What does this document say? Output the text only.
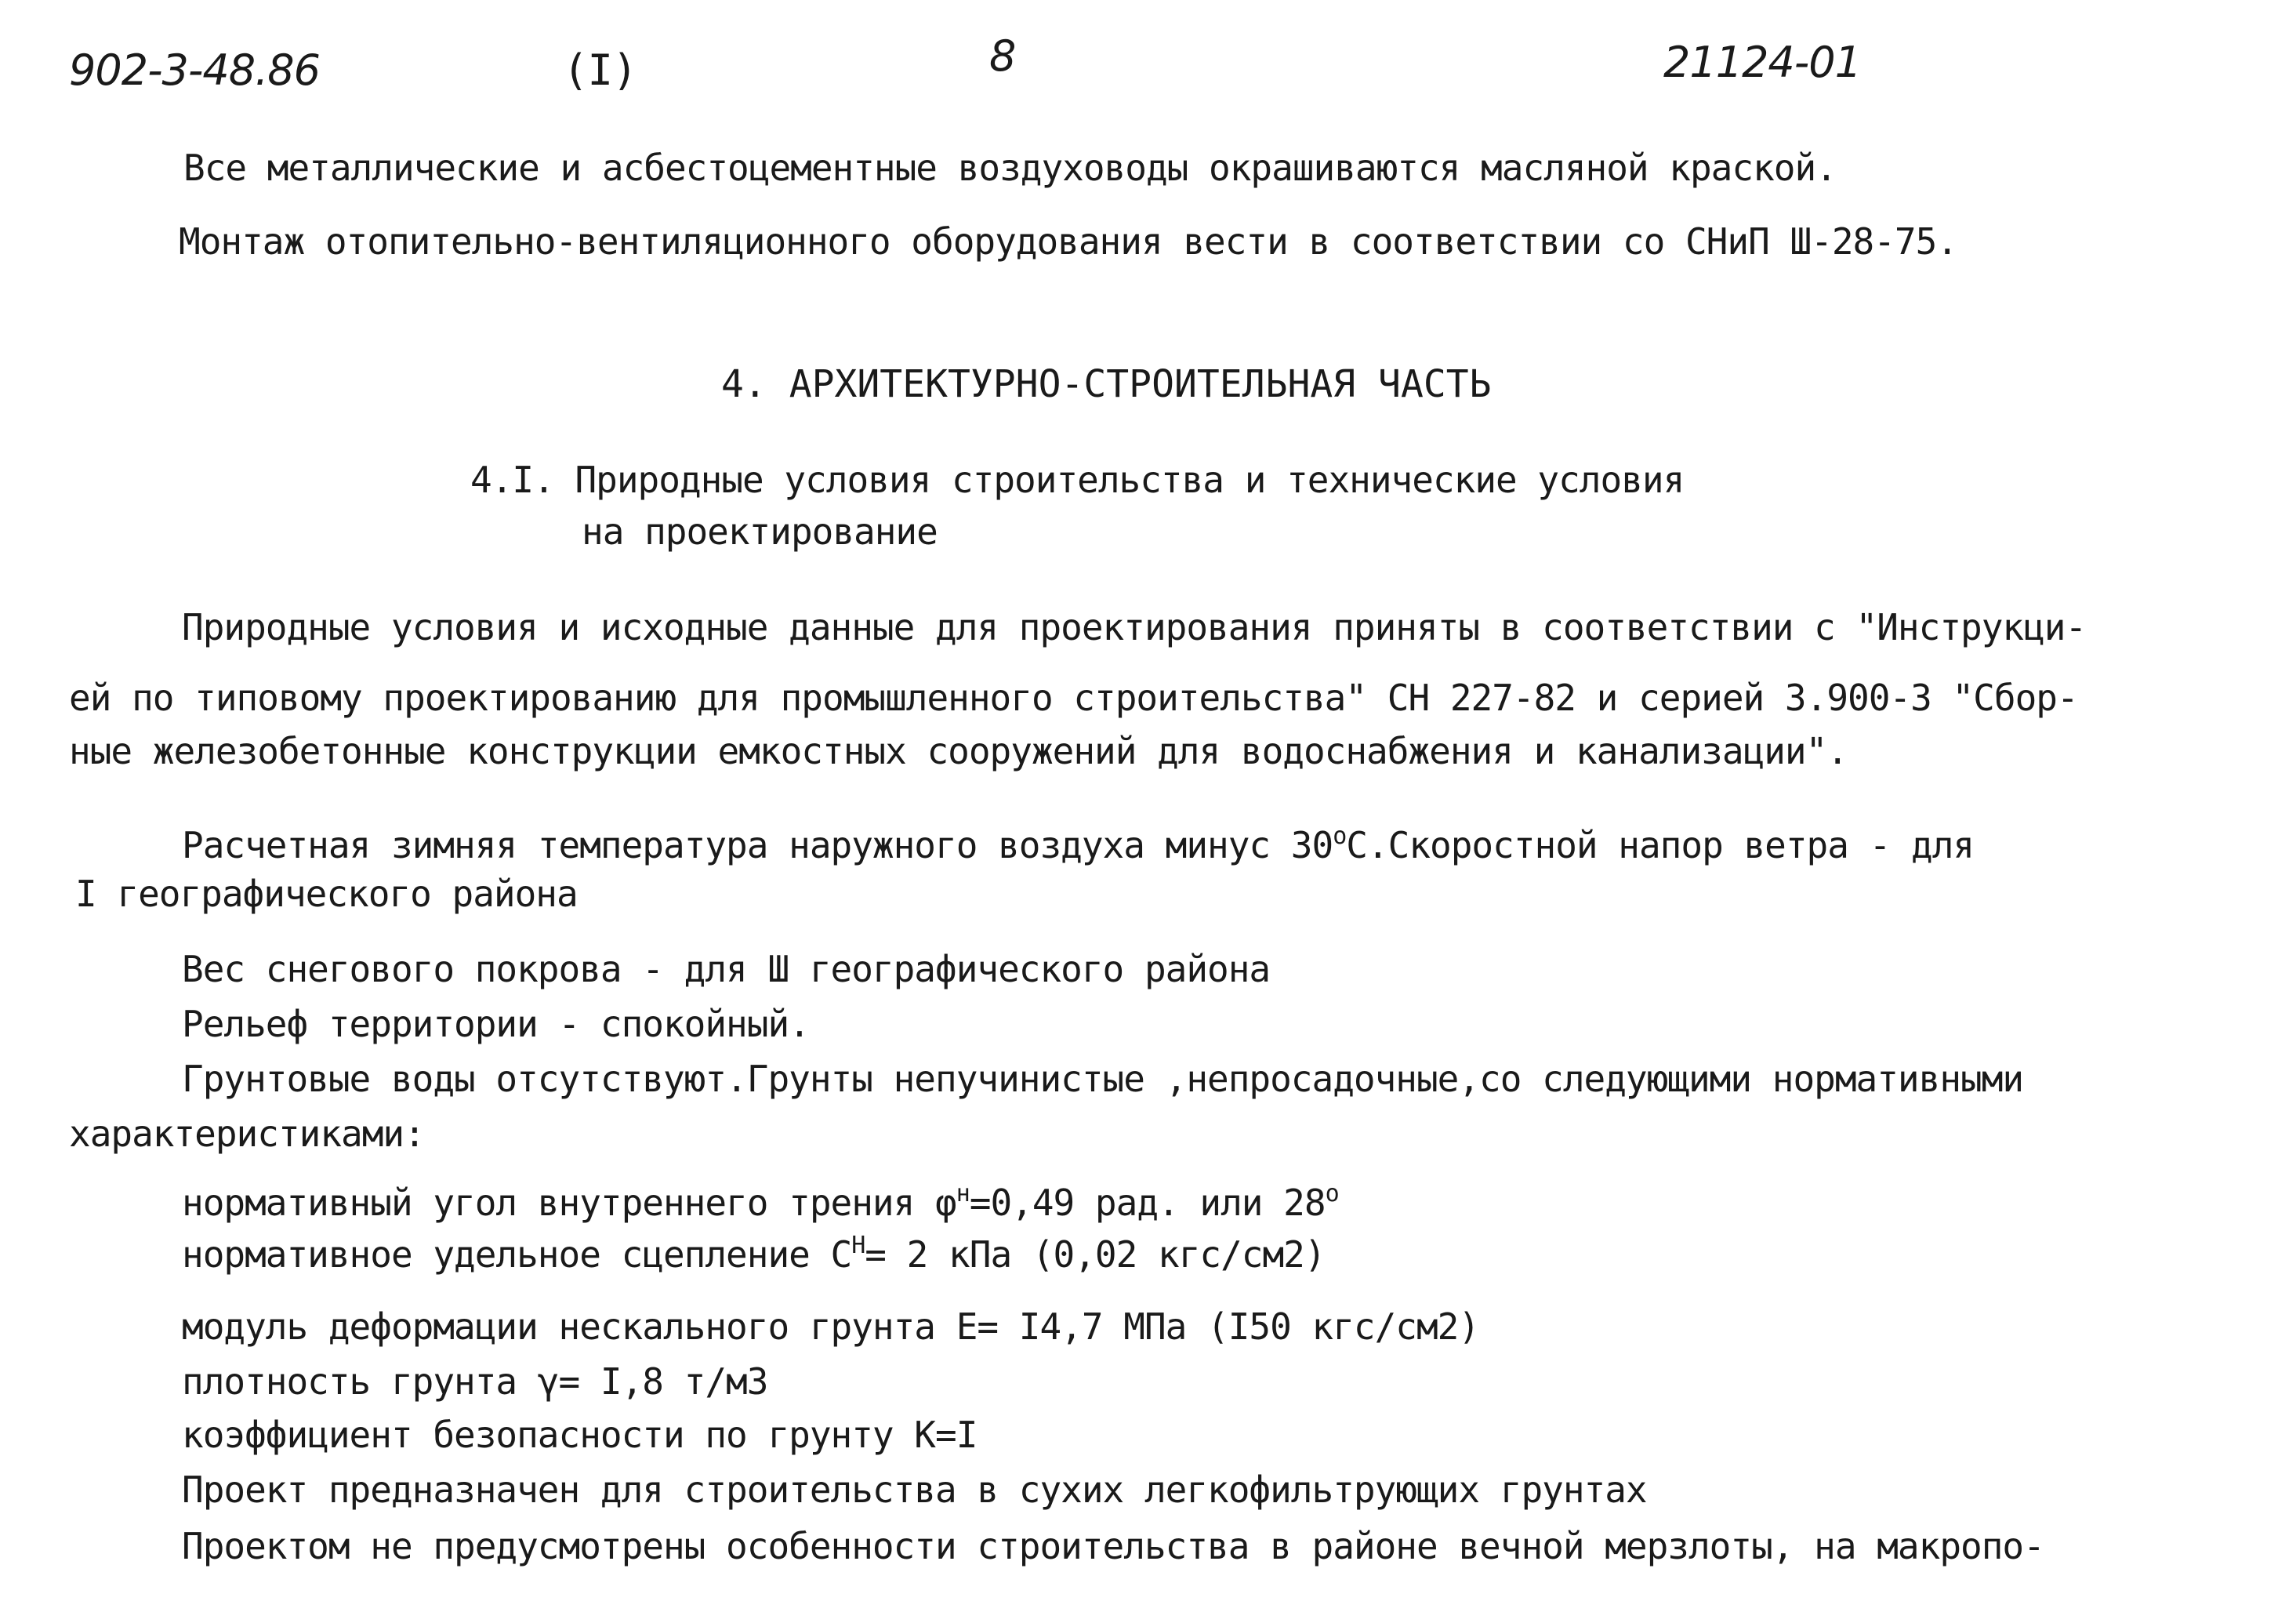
902-3-48.86	(I)	8	21124-01
Все металлические и асбестоцементные воздуховоды окрашиваются масляной краской.
Монтаж отопительно-вентиляционного оборудования вести в соответствии со СНиП Ш-28-75.
4. АРХИТЕКТУРНО-СТРОИТЕЛЬНАЯ ЧАСТЬ
4.I. Природные условия строительства и технические условия
на проектирование
Природные условия и исходные данные для проектирования приняты в соответствии с "Инструкци-
ей по типовому проектированию для промышленного строительства" СН 227-82 и серией 3.900-3 "Сбор-
ные железобетонные конструкции емкостных сооружений для водоснабжения и канализации".
Расчетная зимняя температура наружного воздуха минус $30^оС.Скоростной$ напор ветра - для
I географического района
Вес снегового покрова - для Ш географического района
Рельеф территории - спокойный.
Грунтовые воды отсутствуют.Грунты непучинистые ,непросадочные,со следующими нормативными
характеристиками:
нормативный угол внутреннего трения $\varphi^н=0,49$ рад. или $28^о$
нормативное удельное сцепление $C^Н= 2$ кПа (0,02 кгс/см2)
модуль деформации нескального грунта E= I4,7 МПа (I50 кгс/см2)
плотность грунта γ= I,8 т/м3
коэффициент безопасности по грунту К=I
Проект предназначен для строительства в сухих легкофильтрующих грунтах
Проектом не предусмотрены особенности строительства в районе вечной мерзлоты, на макропо-
